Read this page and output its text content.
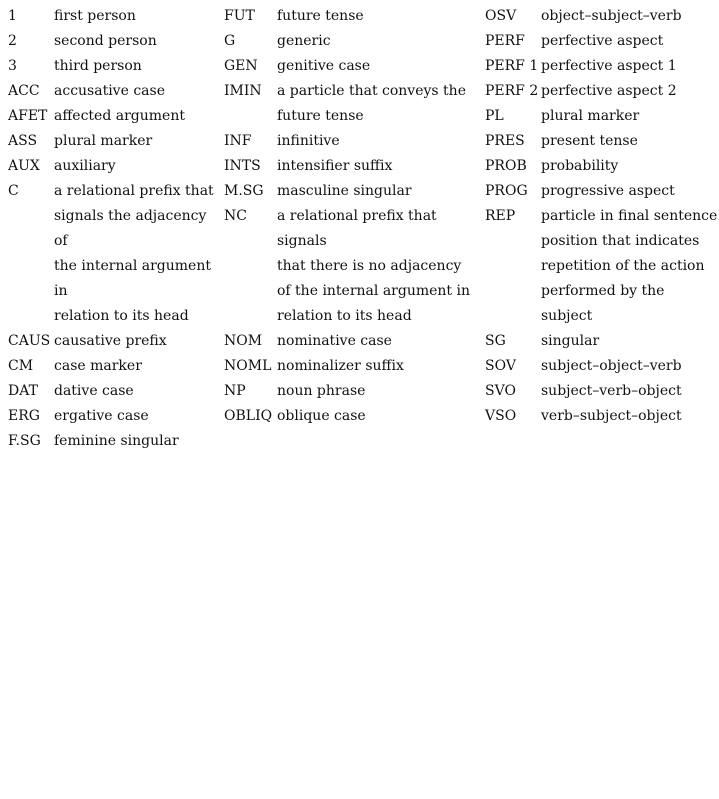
1	first person
2	second person
3	third person
ACC	accusative case
AFET affected argument
ASS	plural marker
AUX	auxiliary
C	a relational prefix that
signals the adjacency of
the internal argument in
relation to its head
CAUS causative prefix
CM	case marker
DAT	dative case
ERG	ergative case
F.SG feminine singular
FUT	future tense
G	generic
GEN	genitive case
IMIN	a particle that conveys the
future tense
INF	infinitive
INTS	intensifier suffix
M.SG masculine singular
NC	a relational prefix that signals
that there is no adjacency
of the internal argument in
relation to its head
NOM	nominative case
NOML nominalizer suffix
NP	noun phrase
OBLIQ oblique case
OSV	object–subject–verb
PERF	perfective aspect
PERF 1 perfective aspect 1
PERF 2 perfective aspect 2
PL	plural marker
PRES	present tense
PROB	probability
PROG progressive aspect
REP	particle in final sentence
position that indicates
repetition of the action
performed by the subject
SG	singular
SOV	subject–object–verb
SVO	subject–verb–object
VSO	verb–subject–object
